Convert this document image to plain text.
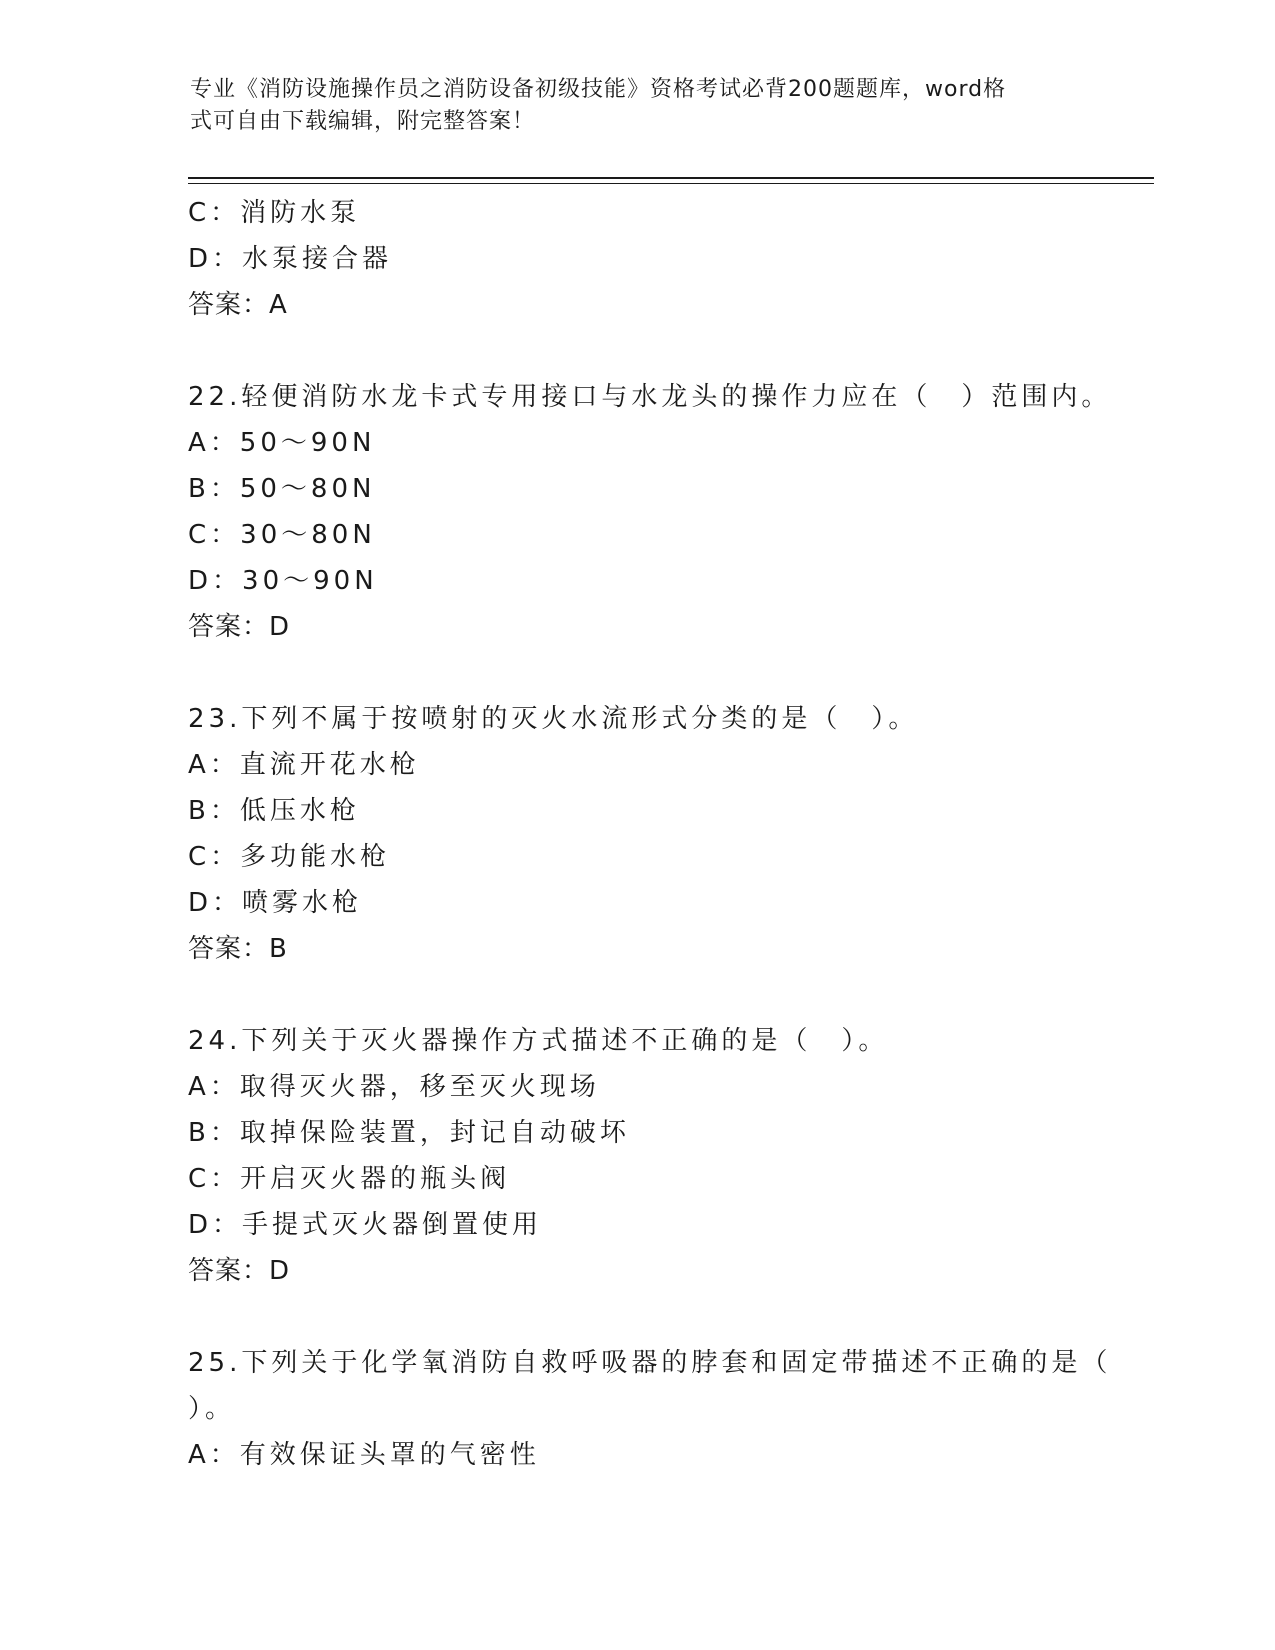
专业《消防设施操作员之消防设备初级技能》资格考试必背200题题库，word格
式可自由下载编辑，附完整答案！
C：消防水泵
D：水泵接合器
答案：A
22.轻便消防水龙卡式专用接口与水龙头的操作力应在（　）范围内。
A：50～90N
B：50～80N
C：30～80N
D：30～90N
答案：D
23.下列不属于按喷射的灭火水流形式分类的是（　）。
A：直流开花水枪
B：低压水枪
C：多功能水枪
D：喷雾水枪
答案：B
24.下列关于灭火器操作方式描述不正确的是（　）。
A：取得灭火器，移至灭火现场
B：取掉保险装置，封记自动破坏
C：开启灭火器的瓶头阀
D：手提式灭火器倒置使用
答案：D
25.下列关于化学氧消防自救呼吸器的脖套和固定带描述不正确的是（
）。
A：有效保证头罩的气密性
